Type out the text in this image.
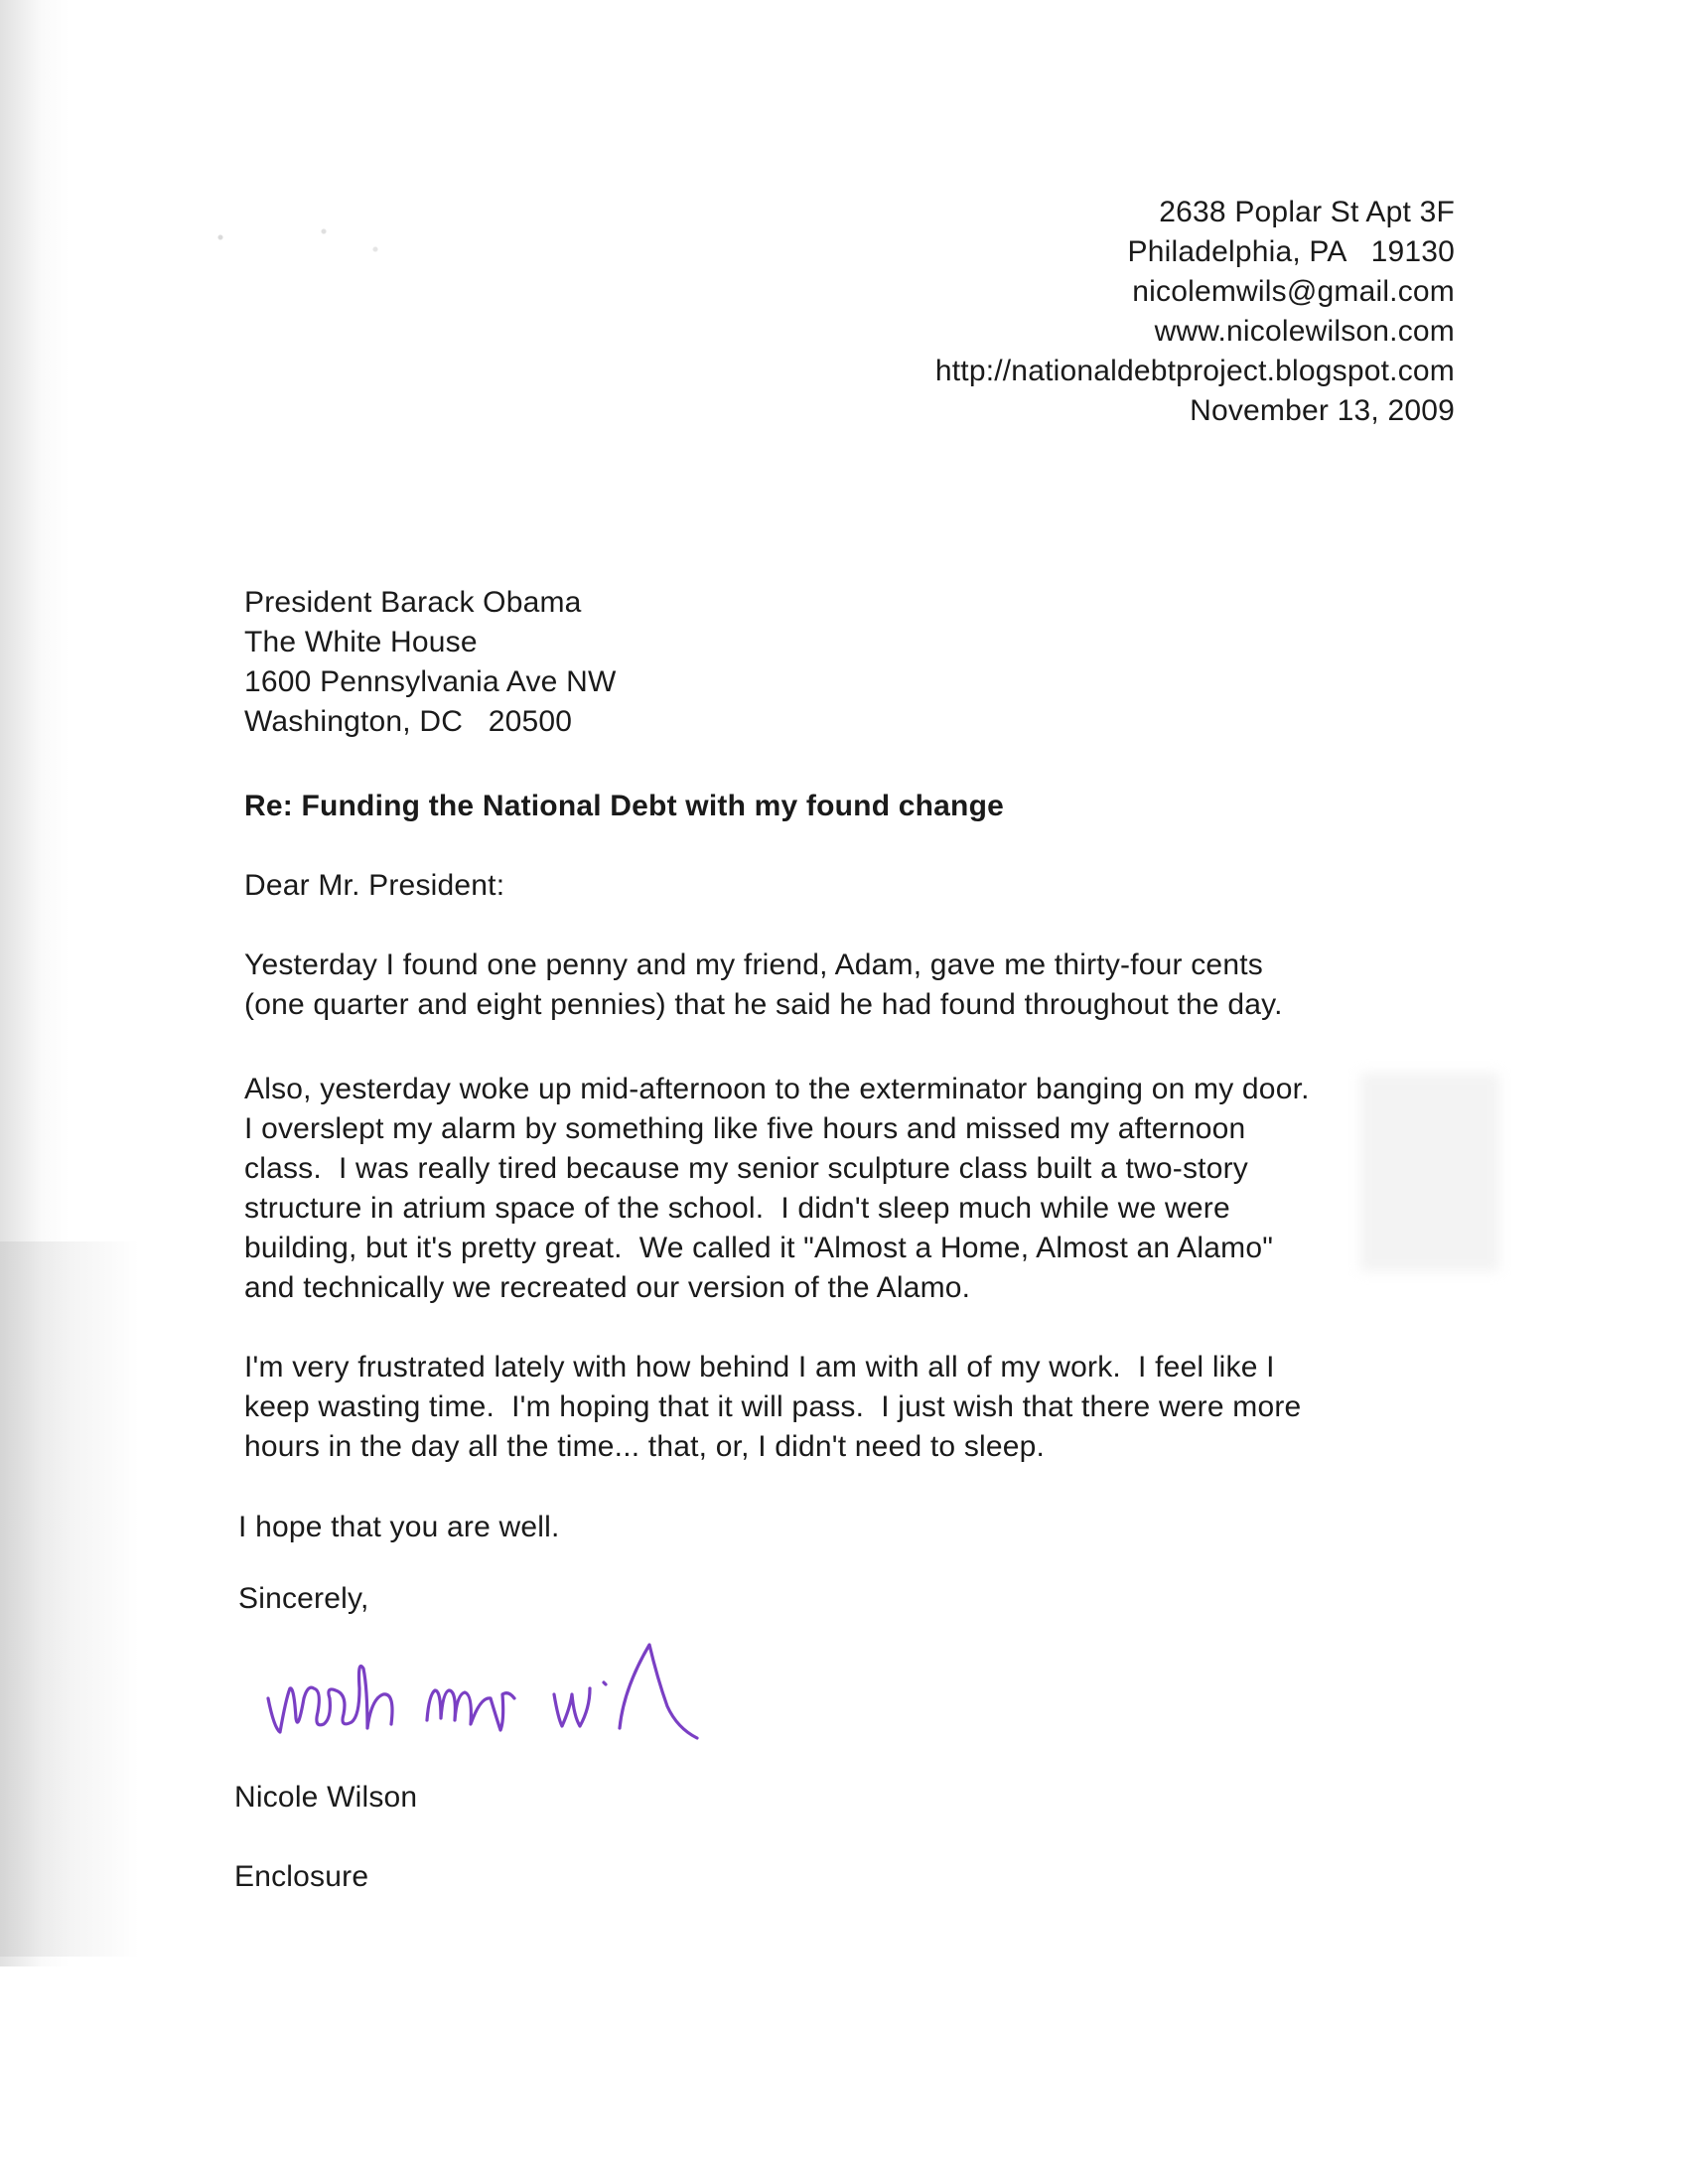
2638 Poplar St Apt 3F
Philadelphia, PA   19130
nicolemwils@gmail.com
www.nicolewilson.com
http://nationaldebtproject.blogspot.com
November 13, 2009
President Barack Obama
The White House
1600 Pennsylvania Ave NW
Washington, DC   20500
Re: Funding the National Debt with my found change
Dear Mr. President:
Yesterday I found one penny and my friend, Adam, gave me thirty-four cents
(one quarter and eight pennies) that he said he had found throughout the day.
Also, yesterday woke up mid-afternoon to the exterminator banging on my door.
I overslept my alarm by something like five hours and missed my afternoon
class.  I was really tired because my senior sculpture class built a two-story
structure in atrium space of the school.  I didn't sleep much while we were
building, but it's pretty great.  We called it "Almost a Home, Almost an Alamo"
and technically we recreated our version of the Alamo.
I'm very frustrated lately with how behind I am with all of my work.  I feel like I
keep wasting time.  I'm hoping that it will pass.  I just wish that there were more
hours in the day all the time... that, or, I didn't need to sleep.
I hope that you are well.
Sincerely,
Nicole Wilson
Enclosure
